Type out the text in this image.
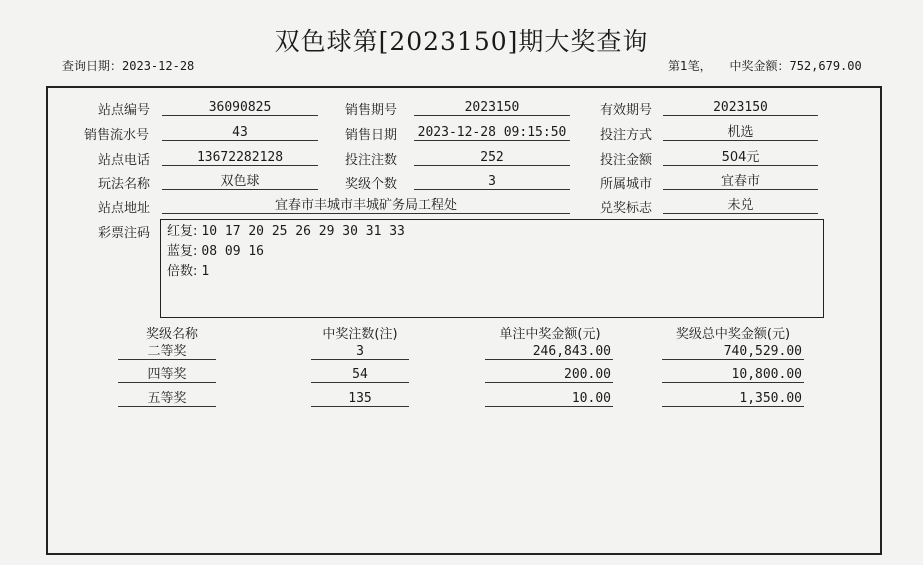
双色球第[2023150]期大奖查询
查询日期：2023-12-28	第1笔， 中奖金额：752,679.00
站点编号	36090825	销售期号	2023150	有效期号	2023150
销售流水号	43	销售日期 2023-12-28 09:15:50	投注方式	机选
站点电话	13672282128	投注注数	252	投注金额	504元
玩法名称	双色球	奖级个数	3	所属城市	宜春市
站点地址	宜春市丰城市丰城矿务局工程处	兑奖标志	未兑
彩票注码 红复: 10 17 20 25 26 29 30 31 33
蓝复: 08 09 16
倍数: 1
奖级名称	中奖注数(注)	单注中奖金额(元)	奖级总中奖金额(元)
二等奖	3	246,843.00	740,529.00
四等奖	54	200.00	10,800.00
五等奖	135	10.00	1,350.00
